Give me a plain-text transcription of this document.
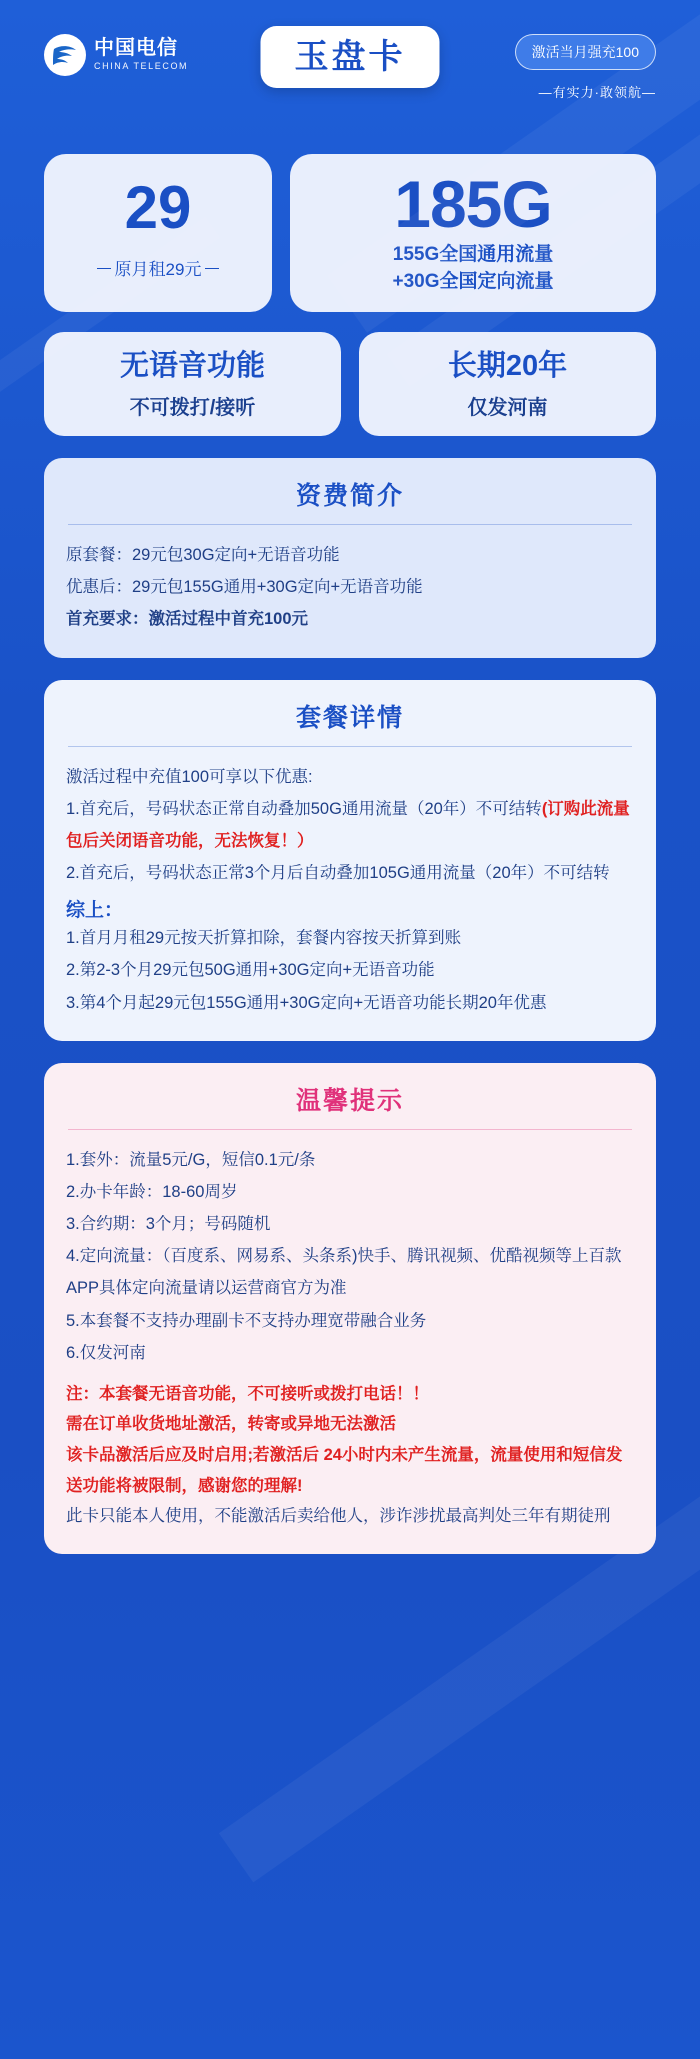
中国电信
CHINA TELECOM	玉盘卡	激活当月强充100
—有实力·敢领航—
29
原月租29元
185G
155G全国通用流量
+30G全国定向流量
无语音功能
不可拨打/接听
长期20年
仅发河南
资费简介
原套餐： 29元包30G定向+无语音功能
优惠后： 29元包155G通用+30G定向+无语音功能
首充要求：激活过程中首充100元
套餐详情
激活过程中充值100可享以下优惠:
1.首充后，号码状态正常自动叠加50G通用流量（20年）不可结转(订购此流量包后关闭语音功能，无法恢复！）
2.首充后，号码状态正常3个月后自动叠加105G通用流量（20年）不可结转
综上：
1.首月月租29元按天折算扣除，套餐内容按天折算到账
2.第2-3个月29元包50G通用+30G定向+无语音功能
3.第4个月起29元包155G通用+30G定向+无语音功能长期20年优惠
温馨提示
1.套外：流量5元/G，短信0.1元/条
2.办卡年龄：18-60周岁
3.合约期：3个月；号码随机
4.定向流量：（百度系、网易系、头条系)快手、腾讯视频、优酷视频等上百款APP具体定向流量请以运营商官方为准
5.本套餐不支持办理副卡不支持办理宽带融合业务
6.仅发河南
注：本套餐无语音功能，不可接听或拨打电话！！
需在订单收货地址激活，转寄或异地无法激活
该卡品激活后应及时启用;若激活后 24小时内未产生流量，流量使用和短信发送功能将被限制，感谢您的理解!
此卡只能本人使用，不能激活后卖给他人，涉诈涉扰最高判处三年有期徒刑
